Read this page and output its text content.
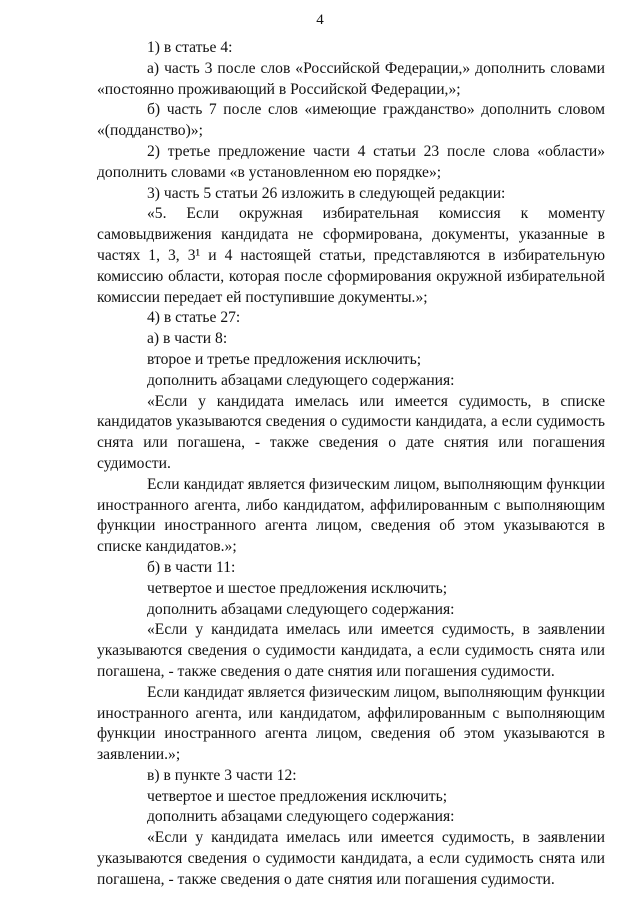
4

1) в статье 4:

а) часть 3 после слов «Российской Федерации,» дополнить словами «постоянно проживающий в Российской Федерации,»;

б) часть 7 после слов «имеющие гражданство» дополнить словом «(подданство)»;

2) третье предложение части 4 статьи 23 после слова «области» дополнить словами «в установленном ею порядке»;

3) часть 5 статьи 26 изложить в следующей редакции:

«5. Если окружная избирательная комиссия к моменту самовыдвижения кандидата не сформирована, документы, указанные в частях 1, 3, 3¹ и 4 настоящей статьи, представляются в избирательную комиссию области, которая после сформирования окружной избирательной комиссии передает ей поступившие документы.»;

4) в статье 27:

а) в части 8:

второе и третье предложения исключить;

дополнить абзацами следующего содержания:

«Если у кандидата имелась или имеется судимость, в списке кандидатов указываются сведения о судимости кандидата, а если судимость снята или погашена, - также сведения о дате снятия или погашения судимости.

Если кандидат является физическим лицом, выполняющим функции иностранного агента, либо кандидатом, аффилированным с выполняющим функции иностранного агента лицом, сведения об этом указываются в списке кандидатов.»;

б) в части 11:

четвертое и шестое предложения исключить;

дополнить абзацами следующего содержания:

«Если у кандидата имелась или имеется судимость, в заявлении указываются сведения о судимости кандидата, а если судимость снята или погашена, - также сведения о дате снятия или погашения судимости.

Если кандидат является физическим лицом, выполняющим функции иностранного агента, или кандидатом, аффилированным с выполняющим функции иностранного агента лицом, сведения об этом указываются в заявлении.»;

в) в пункте 3 части 12:

четвертое и шестое предложения исключить;

дополнить абзацами следующего содержания:

«Если у кандидата имелась или имеется судимость, в заявлении указываются сведения о судимости кандидата, а если судимость снята или погашена, - также сведения о дате снятия или погашения судимости.
